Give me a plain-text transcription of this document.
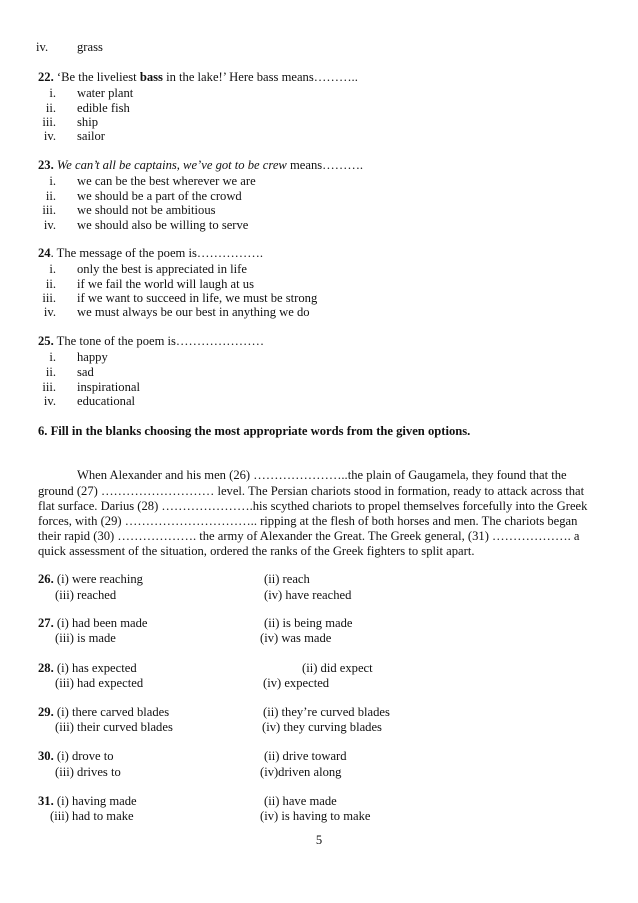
iv.	grass
22. ‘Be the liveliest bass in the lake!’ Here bass means………..
i. water plant
ii. edible fish
iii. ship
iv. sailor
23. We can’t all be captains, we’ve got to be crew means……….
i. we can be the best wherever we are
ii. we should be a part of the crowd
iii. we should not be ambitious
iv. we should also be willing to serve
24. The message of the poem is…………….
i. only the best is appreciated in life
ii. if we fail the world will laugh at us
iii. if we want to succeed in life, we must be strong
iv. we must always be our best in anything we do
25. The tone of the poem is…………………
i. happy
ii. sad
iii. inspirational
iv. educational
6. Fill in the blanks choosing the most appropriate words from the given options.
When Alexander and his men (26) …………………..the plain of Gaugamela, they found that the
ground (27) ……………………… level. The Persian chariots stood in formation, ready to attack across that
flat surface. Darius (28) ………………….his scythed chariots to propel themselves forcefully into the Greek
forces, with (29) ………………………….. ripping at the flesh of both horses and men. The chariots began
their rapid (30) ………………. the army of Alexander the Great. The Greek general, (31) ………………. a
quick assessment of the situation, ordered the ranks of the Greek fighters to split apart.
26. (i) were reaching	(ii) reach
(iii) reached	(iv) have reached
27. (i) had been made	(ii) is being made
(iii) is made	(iv) was made
28. (i) has expected	(ii) did expect
(iii) had expected	(iv) expected
29. (i) there carved blades	(ii) they’re curved blades
(iii) their curved blades	(iv) they curving blades
30. (i) drove to	(ii) drive toward
(iii) drives to	(iv)driven along
31. (i) having made	(ii) have made
(iii) had to make	(iv) is having to make
5
